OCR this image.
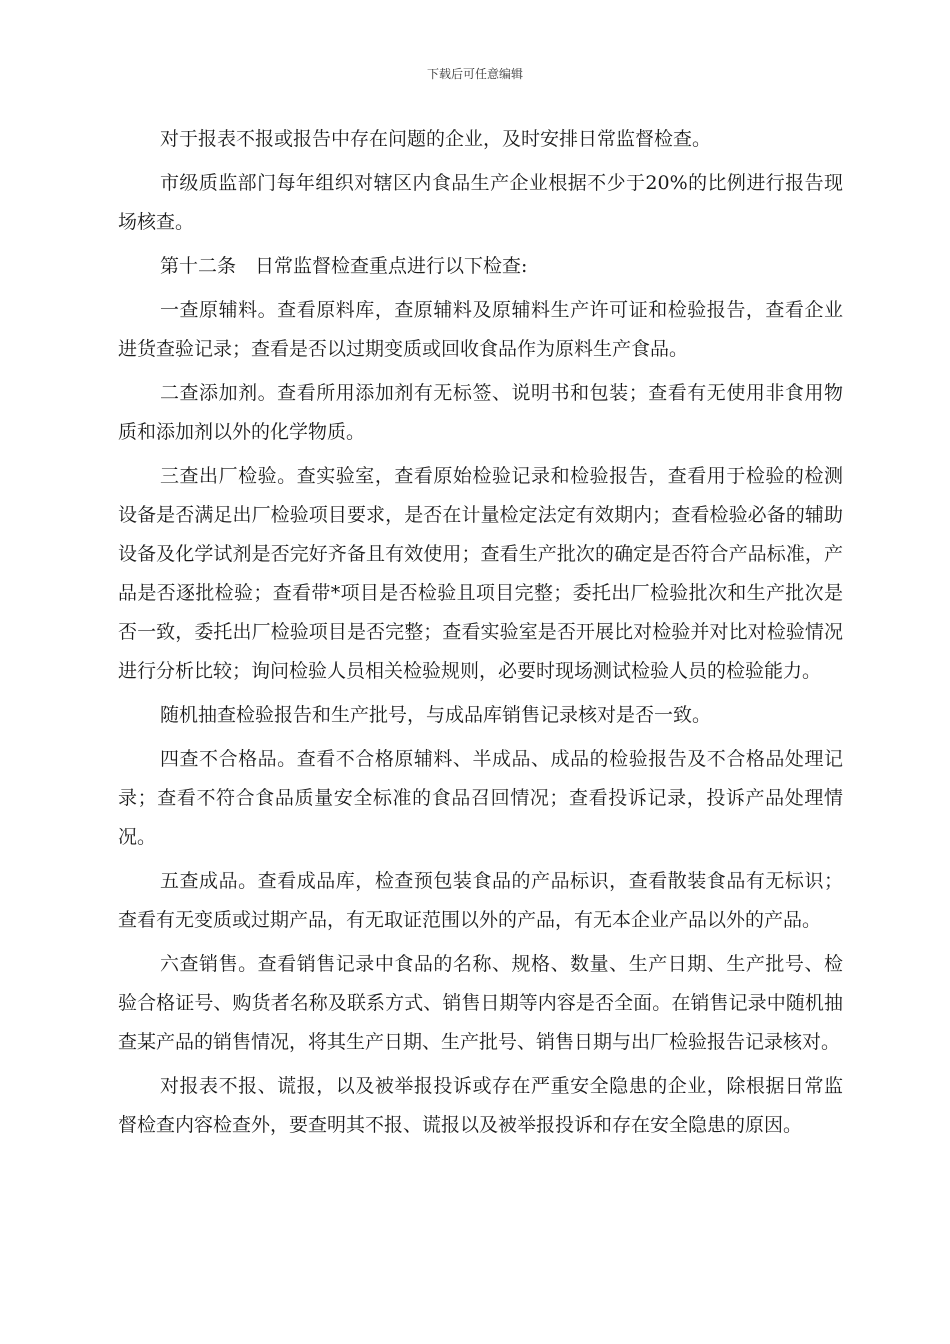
下载后可任意编辑

对于报表不报或报告中存在问题的企业，及时安排日常监督检查。

市级质监部门每年组织对辖区内食品生产企业根据不少于20%的比例进行报告现场核查。

第十二条　日常监督检查重点进行以下检查:

一查原辅料。查看原料库，查原辅料及原辅料生产许可证和检验报告，查看企业进货查验记录；查看是否以过期变质或回收食品作为原料生产食品。

二查添加剂。查看所用添加剂有无标签、说明书和包装；查看有无使用非食用物质和添加剂以外的化学物质。

三查出厂检验。查实验室，查看原始检验记录和检验报告，查看用于检验的检测设备是否满足出厂检验项目要求，是否在计量检定法定有效期内；查看检验必备的辅助设备及化学试剂是否完好齐备且有效使用；查看生产批次的确定是否符合产品标准，产品是否逐批检验；查看带*项目是否检验且项目完整；委托出厂检验批次和生产批次是否一致，委托出厂检验项目是否完整；查看实验室是否开展比对检验并对比对检验情况进行分析比较；询问检验人员相关检验规则，必要时现场测试检验人员的检验能力。

随机抽查检验报告和生产批号，与成品库销售记录核对是否一致。

四查不合格品。查看不合格原辅料、半成品、成品的检验报告及不合格品处理记录；查看不符合食品质量安全标准的食品召回情况；查看投诉记录，投诉产品处理情况。

五查成品。查看成品库，检查预包装食品的产品标识，查看散装食品有无标识；查看有无变质或过期产品，有无取证范围以外的产品，有无本企业产品以外的产品。

六查销售。查看销售记录中食品的名称、规格、数量、生产日期、生产批号、检验合格证号、购货者名称及联系方式、销售日期等内容是否全面。在销售记录中随机抽查某产品的销售情况，将其生产日期、生产批号、销售日期与出厂检验报告记录核对。

对报表不报、谎报，以及被举报投诉或存在严重安全隐患的企业，除根据日常监督检查内容检查外，要查明其不报、谎报以及被举报投诉和存在安全隐患的原因。
